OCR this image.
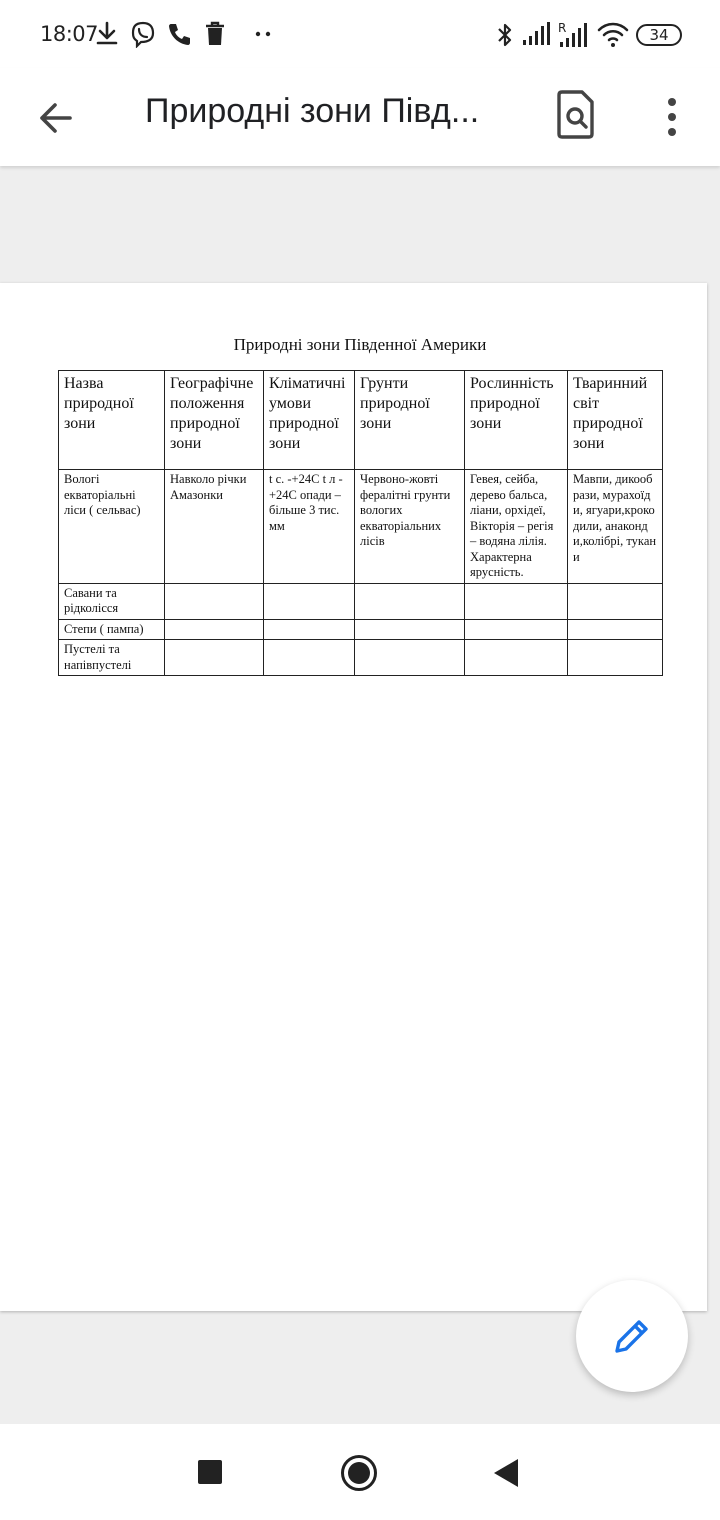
18:07	R	34
Природні зони Півд...
Природні зони Південної Америки
Назва природної зони	Географічне положення природної зони	Кліматичні умови природної зони	Грунти природної зони	Рослинність природної зони	Тваринний світ природної зони
Вологі екваторіальні ліси ( сельвас)	Навколо річки Амазонки	t с. -+24С t л - +24С опади – більше 3 тис. мм	Червоно-жовті фералітні грунти вологих екваторіальних лісів	Гевея, сейба, дерево бальса, ліани, орхідеї, Вікторія – регія – водяна лілія. Характерна ярусність.	Мавпи, дикообрази, мурахоїди, ягуари,крокодили, анаконди,колібрі, тукани
Савани та рідколісся					
Степи ( пампа)					
Пустелі та напівпустелі					
